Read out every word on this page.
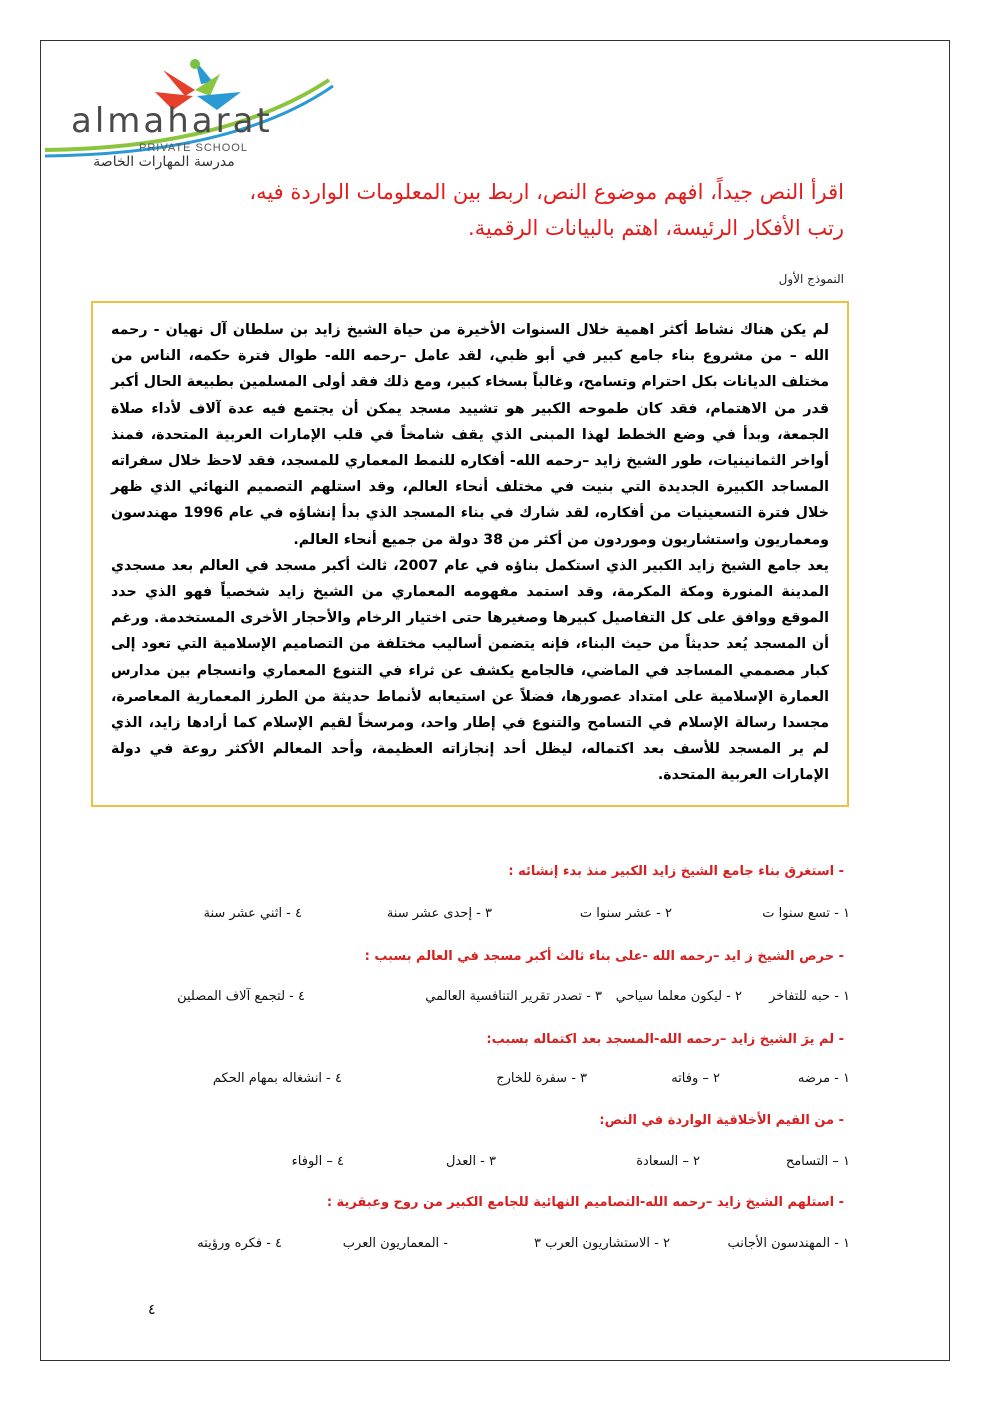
almaharat
PRIVATE SCHOOL
مدرسة المهارات الخاصة
اقرأ النص جيداً، افهم موضوع النص، اربط بين المعلومات الواردة فيه،
رتب الأفكار الرئيسة، اهتم بالبيانات الرقمية.
النموذج الأول

لم يكن هناك نشاط أكثر اهمية خلال السنوات الأخيرة من حياة الشيخ زايد بن سلطان آل نهيان - رحمه الله – من مشروع بناء جامع كبير في أبو ظبي، لقد عامل –رحمه الله- طوال فترة حكمه، الناس من مختلف الديانات بكل احترام وتسامح، وغالباً بسخاء كبير، ومع ذلك فقد أولى المسلمين بطبيعة الحال أكبر قدر من الاهتمام، فقد كان طموحه الكبير هو تشييد مسجد يمكن أن يجتمع فيه عدة آلاف لأداء صلاة الجمعة، وبدأ في وضع الخطط لهذا المبنى الذي يقف شامخاً في قلب الإمارات العربية المتحدة، فمنذ أواخر الثمانينيات، طور الشيخ زايد –رحمه الله- أفكاره للنمط المعماري للمسجد، فقد لاحظ خلال سفراته المساجد الكبيرة الجديدة التي بنيت في مختلف أنحاء العالم، وقد استلهم التصميم النهائي الذي ظهر خلال فترة التسعينيات من أفكاره، لقد شارك في بناء المسجد الذي بدأ إنشاؤه في عام 1996 مهندسون ومعماريون واستشاريون وموردون من أكثر من 38 دولة من جميع أنحاء العالم.

يعد جامع الشيخ زايد الكبير الذي استكمل بناؤه في عام 2007، ثالث أكبر مسجد في العالم بعد مسجدي المدينة المنورة ومكة المكرمة، وقد استمد مفهومه المعماري من الشيخ زايد شخصياً فهو الذي حدد الموقع ووافق على كل التفاصيل كبيرها وصغيرها حتى اختيار الرخام والأحجار الأخرى المستخدمة. ورغم أن المسجد يُعد حديثاً من حيث البناء، فإنه يتضمن أساليب مختلفة من التصاميم الإسلامية التي تعود إلى كبار مصممي المساجد في الماضي، فالجامع يكشف عن ثراء في التنوع المعماري وانسجام بين مدارس العمارة الإسلامية على امتداد عصورها، فضلاً عن استيعابه لأنماط حديثة من الطرز المعمارية المعاصرة، مجسدا رسالة الإسلام في التسامح والتنوع في إطار واحد، ومرسخاً لقيم الإسلام كما أرادها زايد، الذي لم ير المسجد للأسف بعد اكتماله، ليظل أحد إنجازاته العظيمة، وأحد المعالم الأكثر روعة في دولة الإمارات العربية المتحدة.

- استغرق بناء جامع الشيخ زايد الكبير منذ بدء إنشائه :
١ - تسع سنوا ت
٢ - عشر سنوا ت
٣ - إحدى عشر سنة
٤ - اثني عشر سنة
- حرص الشيخ ز ايد –رحمه الله -على بناء ثالث أكبر مسجد في العالم بسبب :
١ - حبه للتفاخر
٢ - ليكون معلما سياحي
٣ - تصدر تقرير التنافسية العالمي
٤ - لتجمع آلاف المصلين
- لم يرَ الشيخ زايد –رحمه الله-المسجد بعد اكتماله بسبب:
١ - مرضه
٢ – وفاته
٣ - سفرة للخارج
٤ - انشغاله بمهام الحكم
- من القيم الأخلاقية الواردة في النص:
١ – التسامح
٢ – السعادة
٣ - العدل
٤ – الوفاء
- استلهم الشيخ زايد –رحمه الله-التصاميم النهائية للجامع الكبير من روح وعبقرية :
١ - المهندسون الأجانب
٢ - الاستشاريون العرب ٣
- المعماريون العرب
٤ - فكره ورؤيته
٤
